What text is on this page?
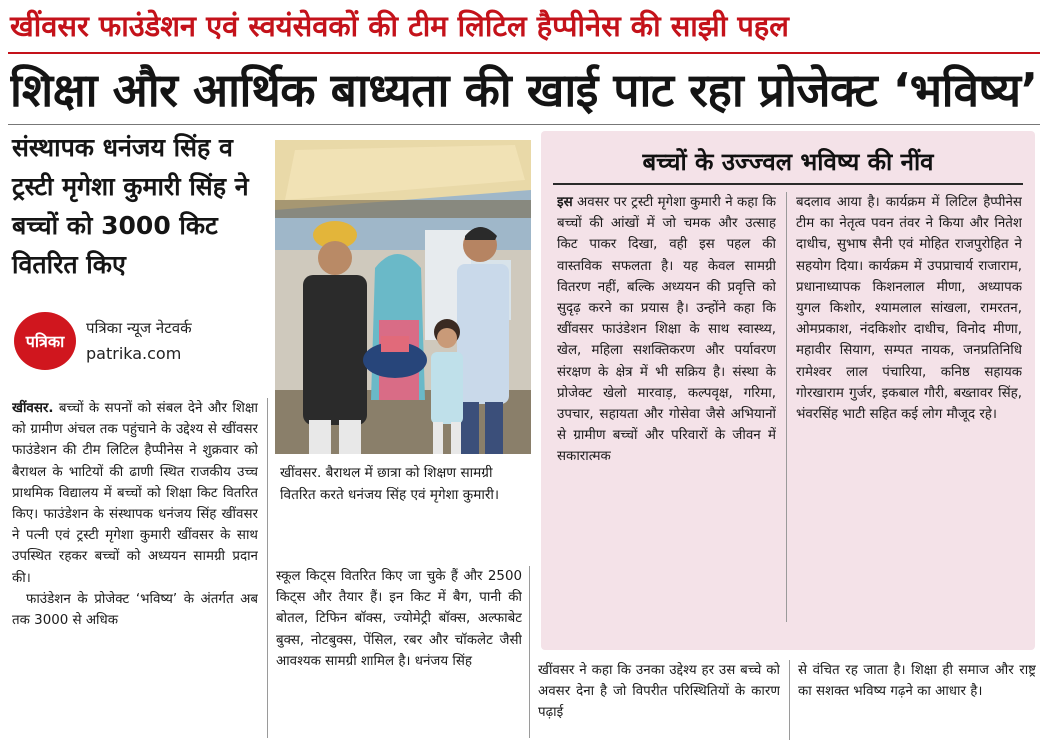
खींवसर फाउंडेशन एवं स्वयंसेवकों की टीम लिटिल हैप्पीनेस की साझी पहल
शिक्षा और आर्थिक बाध्यता की खाई पाट रहा प्रोजेक्ट ‘भविष्य’
संस्थापक धनंजय सिंह व ट्रस्टी मृगेशा कुमारी सिंह ने बच्चों को 3000 किट वितरित किए
पत्रिका
पत्रिका न्यूज नेटवर्क
patrika.com

खींवसर. बच्चों के सपनों को संबल देने और शिक्षा को ग्रामीण अंचल तक पहुंचाने के उद्देश्य से खींवसर फाउंडेशन की टीम लिटिल हैप्पीनेस ने शुक्रवार को बैराथल के भाटियों की ढाणी स्थित राजकीय उच्च प्राथमिक विद्यालय में बच्चों को शिक्षा किट वितरित किए। फाउंडेशन के संस्थापक धनंजय सिंह खींवसर ने पत्नी एवं ट्रस्टी मृगेशा कुमारी खींवसर के साथ उपस्थित रहकर बच्चों को अध्ययन सामग्री प्रदान की।

फाउंडेशन के प्रोजेक्ट ‘भविष्य’ के अंतर्गत अब तक 3000 से अधिक

खींवसर. बैराथल में छात्रा को शिक्षण सामग्री वितरित करते धनंजय सिंह एवं मृगेशा कुमारी।

स्कूल किट्स वितरित किए जा चुके हैं और 2500 किट्स और तैयार हैं। इन किट में बैग, पानी की बोतल, टिफिन बॉक्स, ज्योमेट्री बॉक्स, अल्फाबेट बुक्स, नोटबुक्स, पेंसिल, रबर और चॉकलेट जैसी आवश्यक सामग्री शामिल है। धनंजय सिंह

बच्चों के उज्ज्वल भविष्य की नींव

इस अवसर पर ट्रस्टी मृगेशा कुमारी ने कहा कि बच्चों की आंखों में जो चमक और उत्साह किट पाकर दिखा, वही इस पहल की वास्तविक सफलता है। यह केवल सामग्री वितरण नहीं, बल्कि अध्ययन की प्रवृत्ति को सुदृढ़ करने का प्रयास है। उन्होंने कहा कि खींवसर फाउंडेशन शिक्षा के साथ स्वास्थ्य, खेल, महिला सशक्तिकरण और पर्यावरण संरक्षण के क्षेत्र में भी सक्रिय है। संस्था के प्रोजेक्ट खेलो मारवाड़, कल्पवृक्ष, गरिमा, उपचार, सहायता और गोसेवा जैसे अभियानों से ग्रामीण बच्चों और परिवारों के जीवन में सकारात्मक

बदलाव आया है। कार्यक्रम में लिटिल हैप्पीनेस टीम का नेतृत्व पवन तंवर ने किया और नितेश दाधीच, सुभाष सैनी एवं मोहित राजपुरोहित ने सहयोग दिया। कार्यक्रम में उपप्राचार्य राजाराम, प्रधानाध्यापक किशनलाल मीणा, अध्यापक युगल किशोर, श्यामलाल सांखला, रामरतन, ओमप्रकाश, नंदकिशोर दाधीच, विनोद मीणा, महावीर सियाग, सम्पत नायक, जनप्रतिनिधि रामेश्वर लाल पंचारिया, कनिष्ठ सहायक गोरखाराम गुर्जर, इकबाल गौरी, बख्तावर सिंह, भंवरसिंह भाटी सहित कई लोग मौजूद रहे।

खींवसर ने कहा कि उनका उद्देश्य हर उस बच्चे को अवसर देना है जो विपरीत परिस्थितियों के कारण पढ़ाई

से वंचित रह जाता है। शिक्षा ही समाज और राष्ट्र का सशक्त भविष्य गढ़ने का आधार है।
